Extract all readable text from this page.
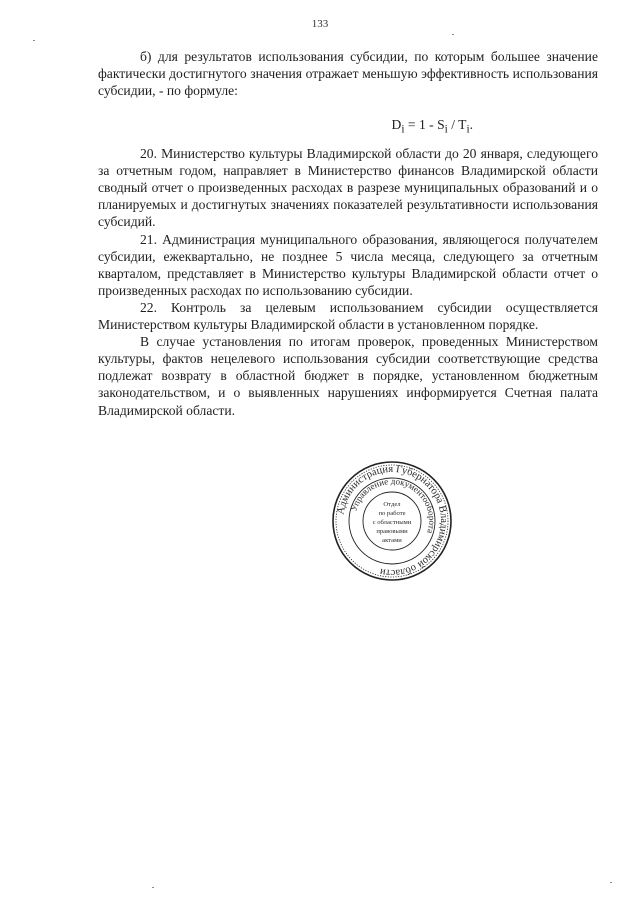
133

б) для результатов использования субсидии, по которым большее значение фактически достигнутого значения отражает меньшую эффективность использования субсидии, - по формуле:

$D_i = 1 - S_i / T_i$.

20. Министерство культуры Владимирской области до 20 января, следующего за отчетным годом, направляет в Министерство финансов Владимирской области сводный отчет о произведенных расходах в разрезе муниципальных образований и о планируемых и достигнутых значениях показателей результативности использования субсидий.

21. Администрация муниципального образования, являющегося получателем субсидии, ежеквартально, не позднее 5 числа месяца, следующего за отчетным кварталом, представляет в Министерство культуры Владимирской области отчет о произведенных расходах по использованию субсидии.

22. Контроль за целевым использованием субсидии осуществляется Министерством культуры Владимирской области в установленном порядке.

В случае установления по итогам проверок, проведенных Министерством культуры, фактов нецелевого использования субсидии соответствующие средства подлежат возврату в областной бюджет в порядке, установленном бюджетным законодательством, и о выявленных нарушениях информируется Счетная палата Владимирской области.

Администрация Губернатора Владимирской области
Управление документооборота
Отдел
по работе
с областными
правовыми
актами
